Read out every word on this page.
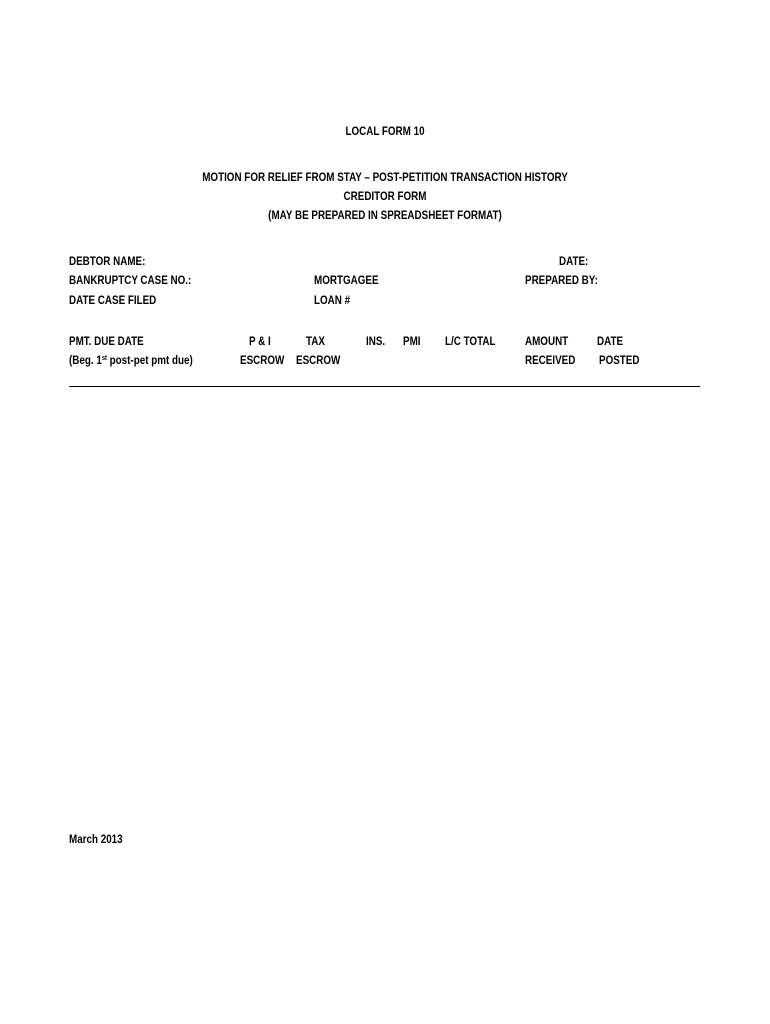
LOCAL FORM 10
MOTION FOR RELIEF FROM STAY – POST-PETITION TRANSACTION HISTORY
CREDITOR FORM
(MAY BE PREPARED IN SPREADSHEET FORMAT)
DEBTOR NAME:
BANKRUPTCY CASE NO.:
DATE CASE FILED
MORTGAGEE
LOAN #
DATE:
PREPARED BY:
PMT. DUE DATE
(Beg. 1st post-pet pmt due)
P & I
ESCROW
TAX
ESCROW
INS. PMI L/C TOTAL AMOUNT
RECEIVED
DATE
POSTED
March 2013
